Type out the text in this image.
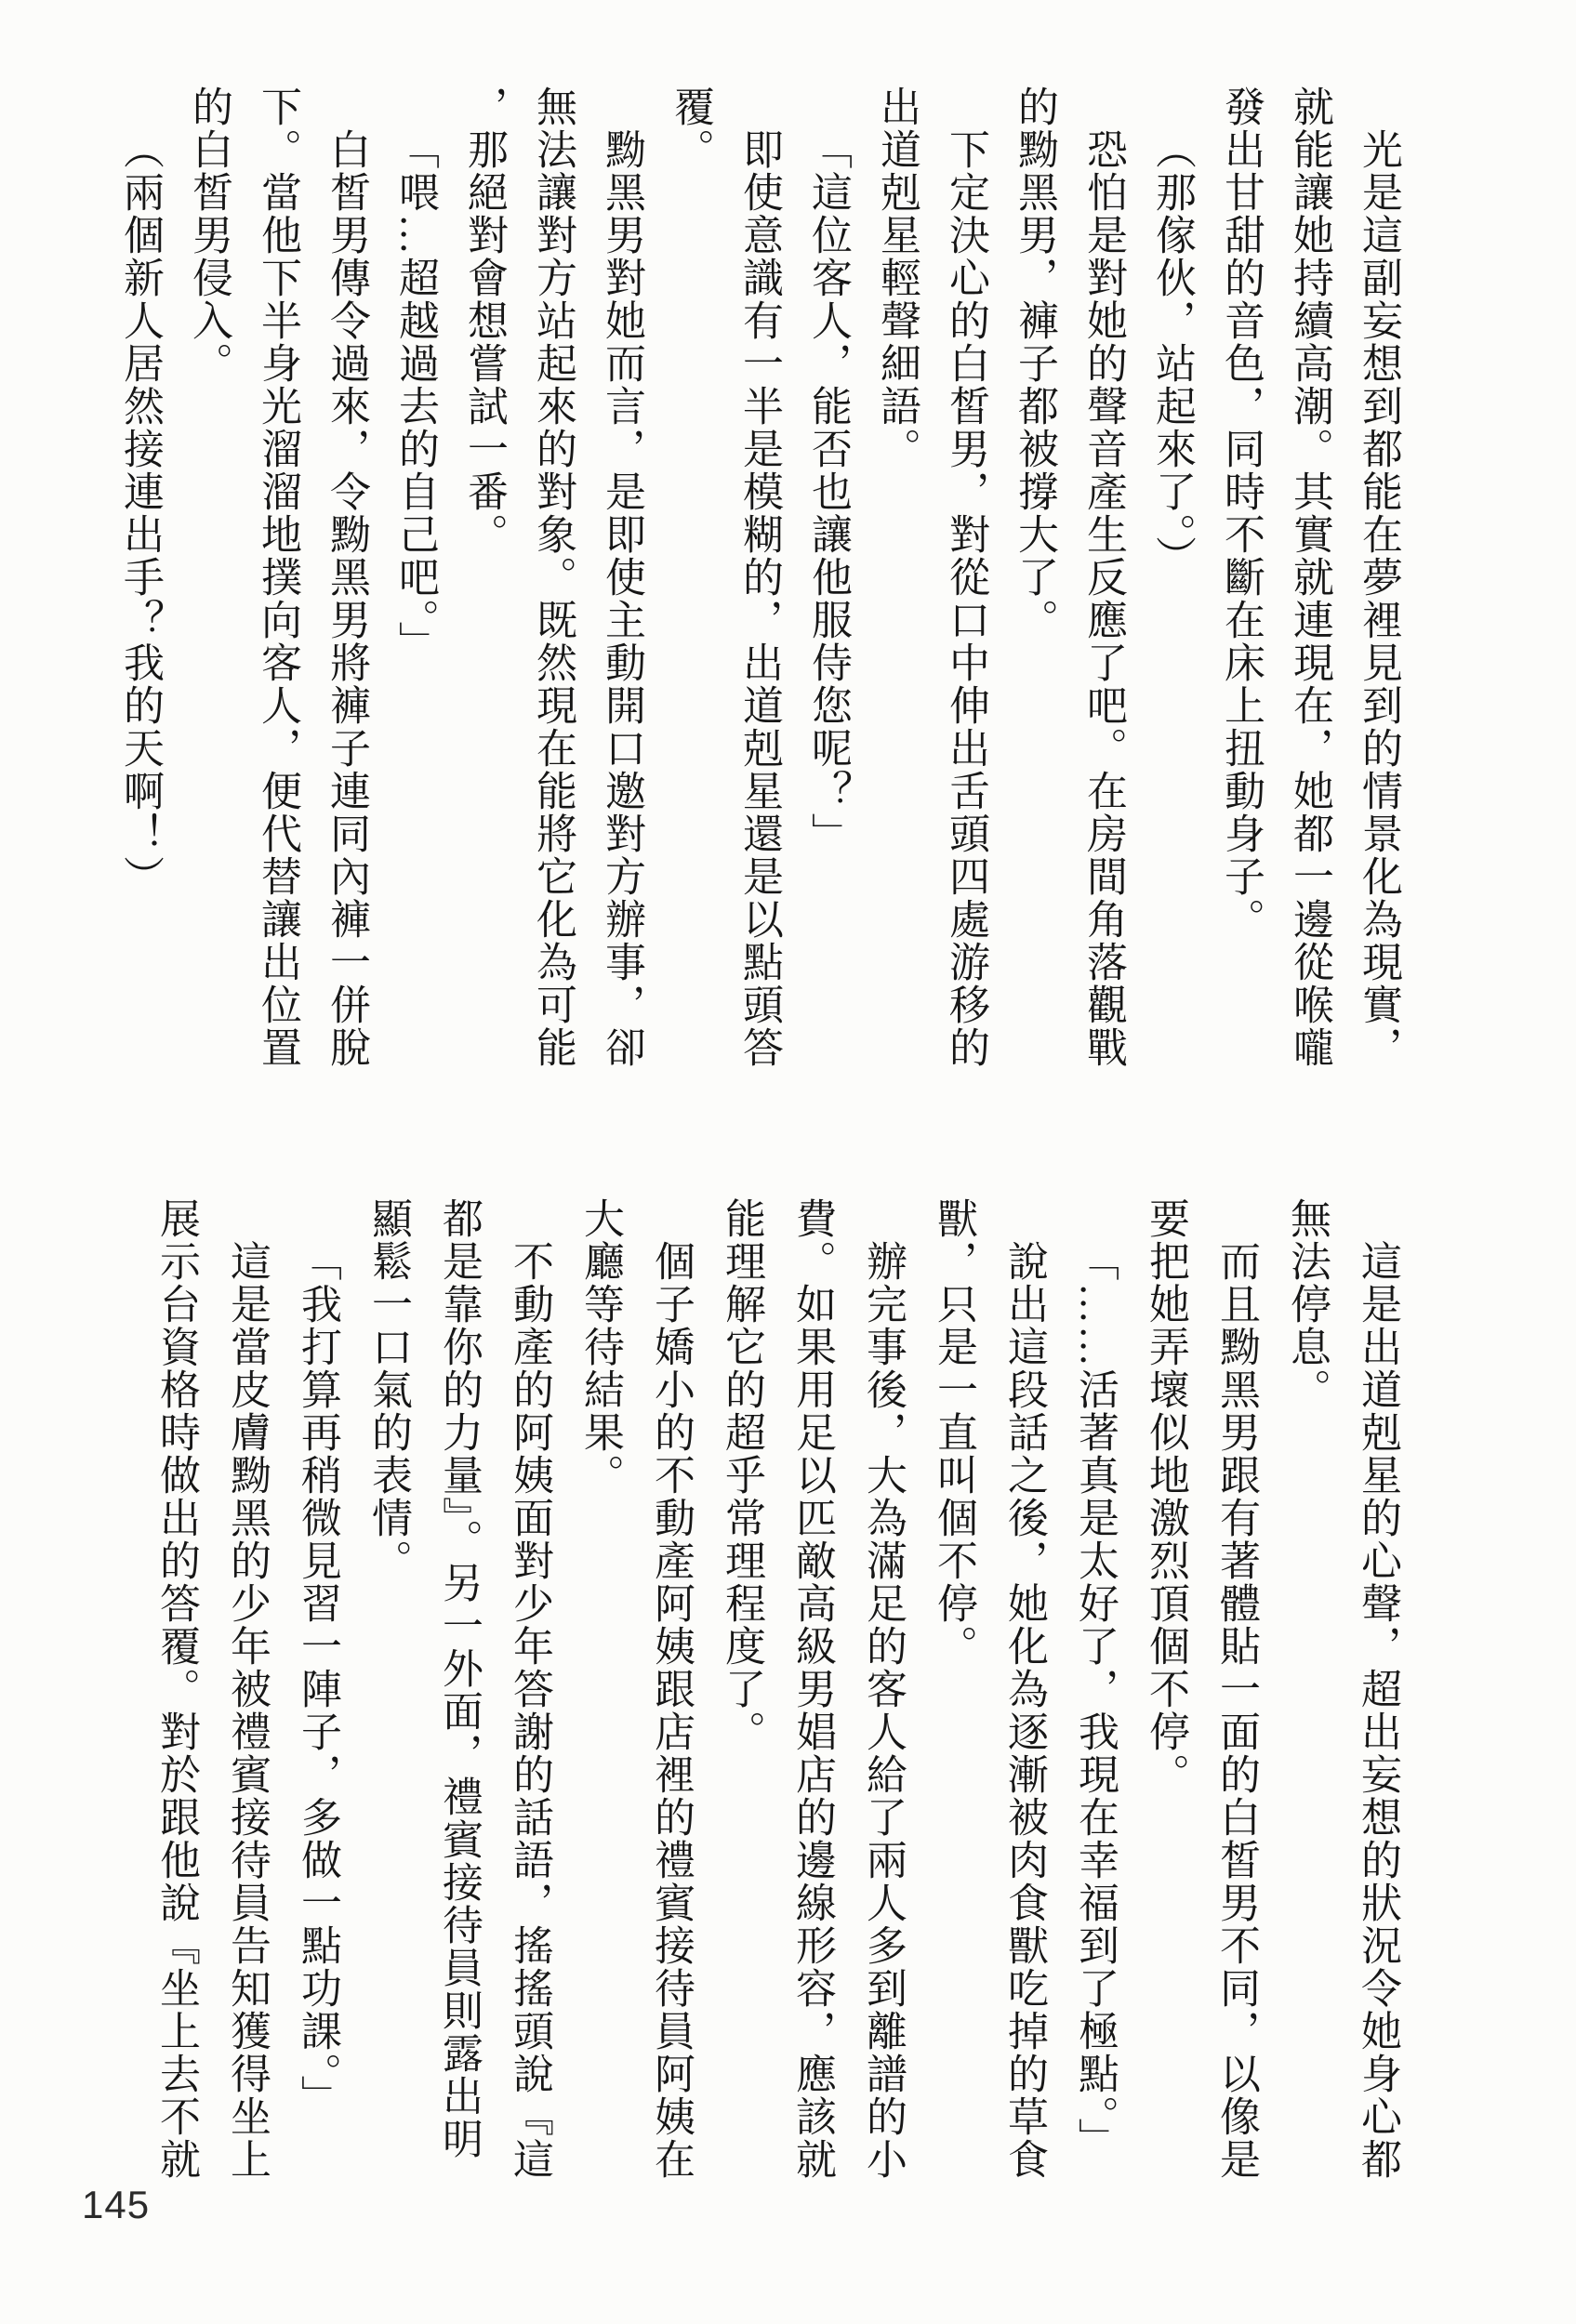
光是這副妄想到都能在夢裡見到的情景化為現實，

就能讓她持續高潮。其實就連現在，她都一邊從喉嚨

發出甘甜的音色，同時不斷在床上扭動身子。

（那傢伙，站起來了。）

恐怕是對她的聲音產生反應了吧。在房間角落觀戰

的黝黑男，褲子都被撐大了。

下定決心的白皙男，對從口中伸出舌頭四處游移的

出道剋星輕聲細語。

「這位客人，能否也讓他服侍您呢？」

即使意識有一半是模糊的，出道剋星還是以點頭答

覆。

黝黑男對她而言，是即使主動開口邀對方辦事，卻

無法讓對方站起來的對象。既然現在能將它化為可能

，那絕對會想嘗試一番。

「喂…超越過去的自己吧。」

白皙男傳令過來，令黝黑男將褲子連同內褲一併脫

下。當他下半身光溜溜地撲向客人，便代替讓出位置

的白皙男侵入。

（兩個新人居然接連出手？我的天啊！）

這是出道剋星的心聲，超出妄想的狀況令她身心都

無法停息。

而且黝黑男跟有著體貼一面的白皙男不同，以像是

要把她弄壞似地激烈頂個不停。

「……活著真是太好了，我現在幸福到了極點。」

說出這段話之後，她化為逐漸被肉食獸吃掉的草食

獸，只是一直叫個不停。

辦完事後，大為滿足的客人給了兩人多到離譜的小

費。如果用足以匹敵高級男娼店的邊線形容，應該就

能理解它的超乎常理程度了。

個子嬌小的不動產阿姨跟店裡的禮賓接待員阿姨在

大廳等待結果。

不動產的阿姨面對少年答謝的話語，搖搖頭說『這

都是靠你的力量』。另一外面，禮賓接待員則露出明

顯鬆一口氣的表情。

「我打算再稍微見習一陣子，多做一點功課。」

這是當皮膚黝黑的少年被禮賓接待員告知獲得坐上

展示台資格時做出的答覆。對於跟他說『坐上去不就

145
